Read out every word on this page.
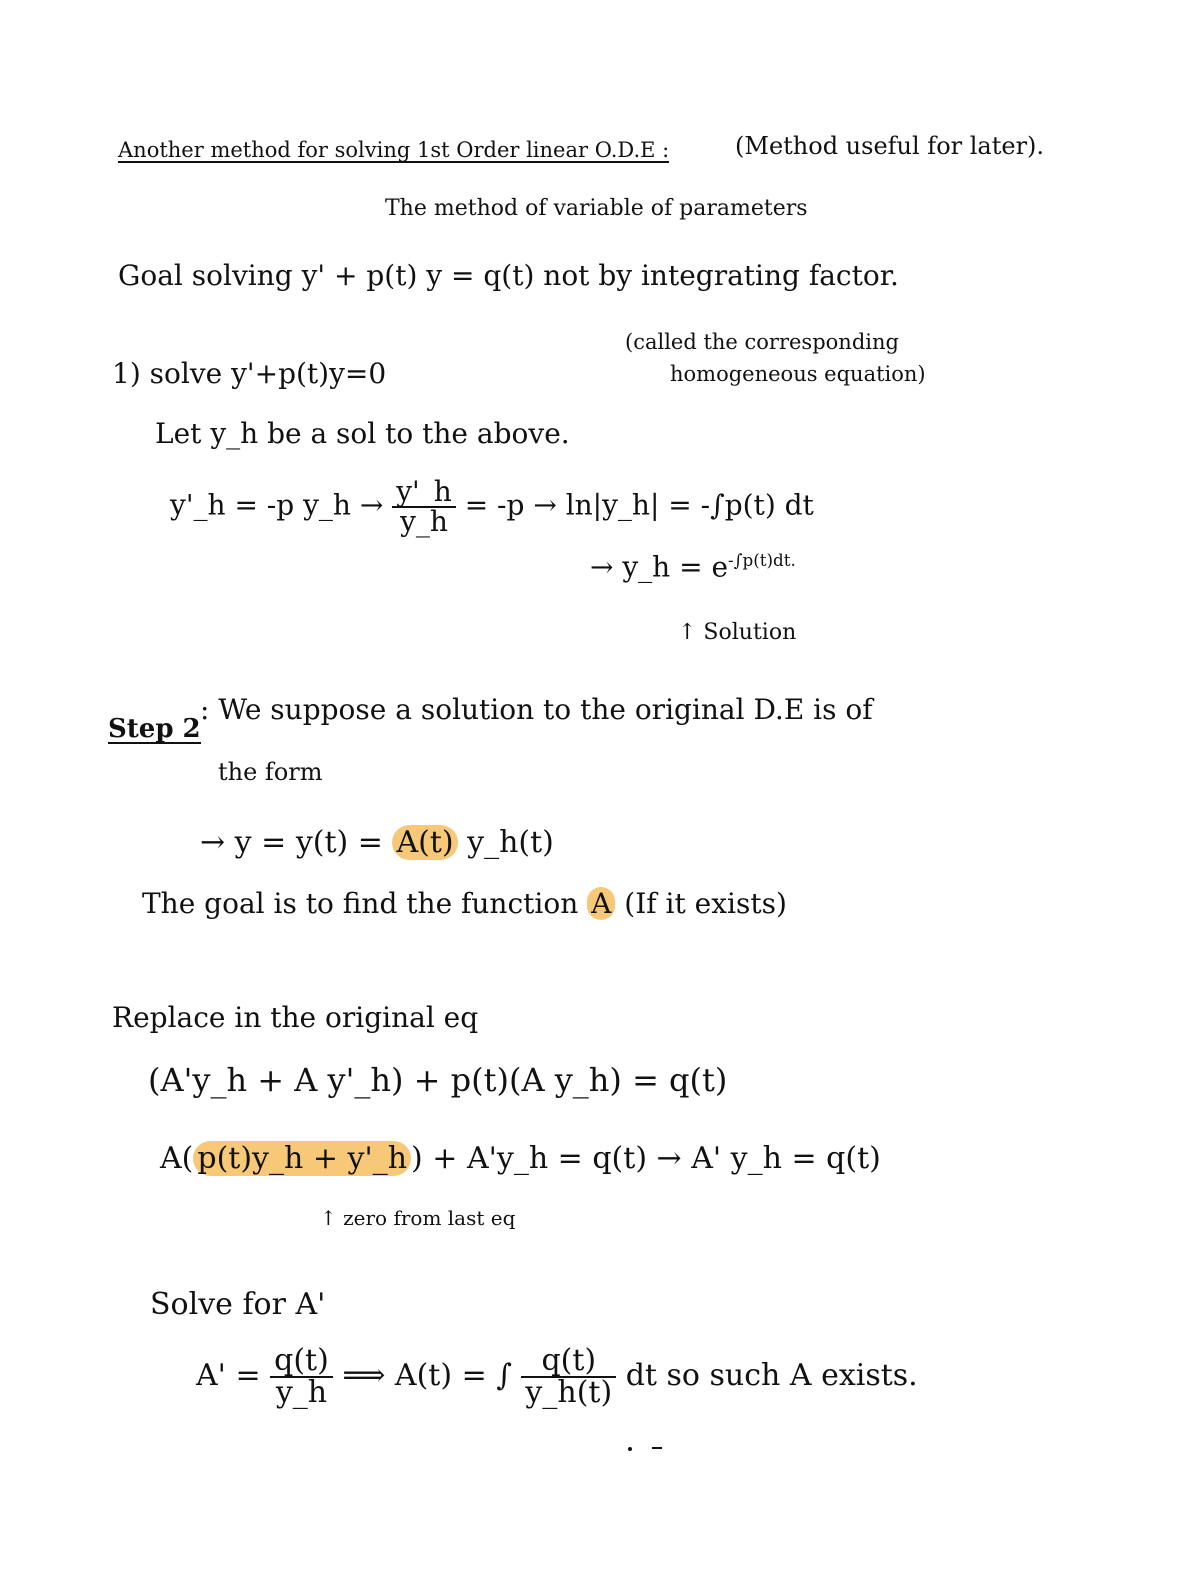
Another method for solving 1st Order linear O.D.E :	(Method useful for later).
The method of variable of parameters
Goal solving y' + p(t) y = q(t) not by integrating factor.
1) solve y'+p(t)y=0
(called the corresponding
homogeneous equation)
Let y_h be a sol to the above.
y'_h = -p y_h → $\frac{y'\_h}{y\_h} = -p$ → ln|y_h| = -∫p(t) dt
→ y_h = $e^{-\int p(t)dt.}$
↑ Solution
Step 2
: We suppose a solution to the original D.E is of
the form
→ y = y(t) = A(t) y_h(t)
The goal is to find the function A (If it exists)
Replace in the original eq
(A'y_h + A y'_h) + p(t)(A y_h) = q(t)
A( p(t)y_h + y'_h ) + A'y_h = q(t) → A' y_h = q(t)
↑ zero from last eq
Solve for A'
$A' = \frac{q(t)}{y\_h}$ ⟹ A(t) = ∫ $\frac{q(t)}{y\_h(t)}$ dt so such A exists.
